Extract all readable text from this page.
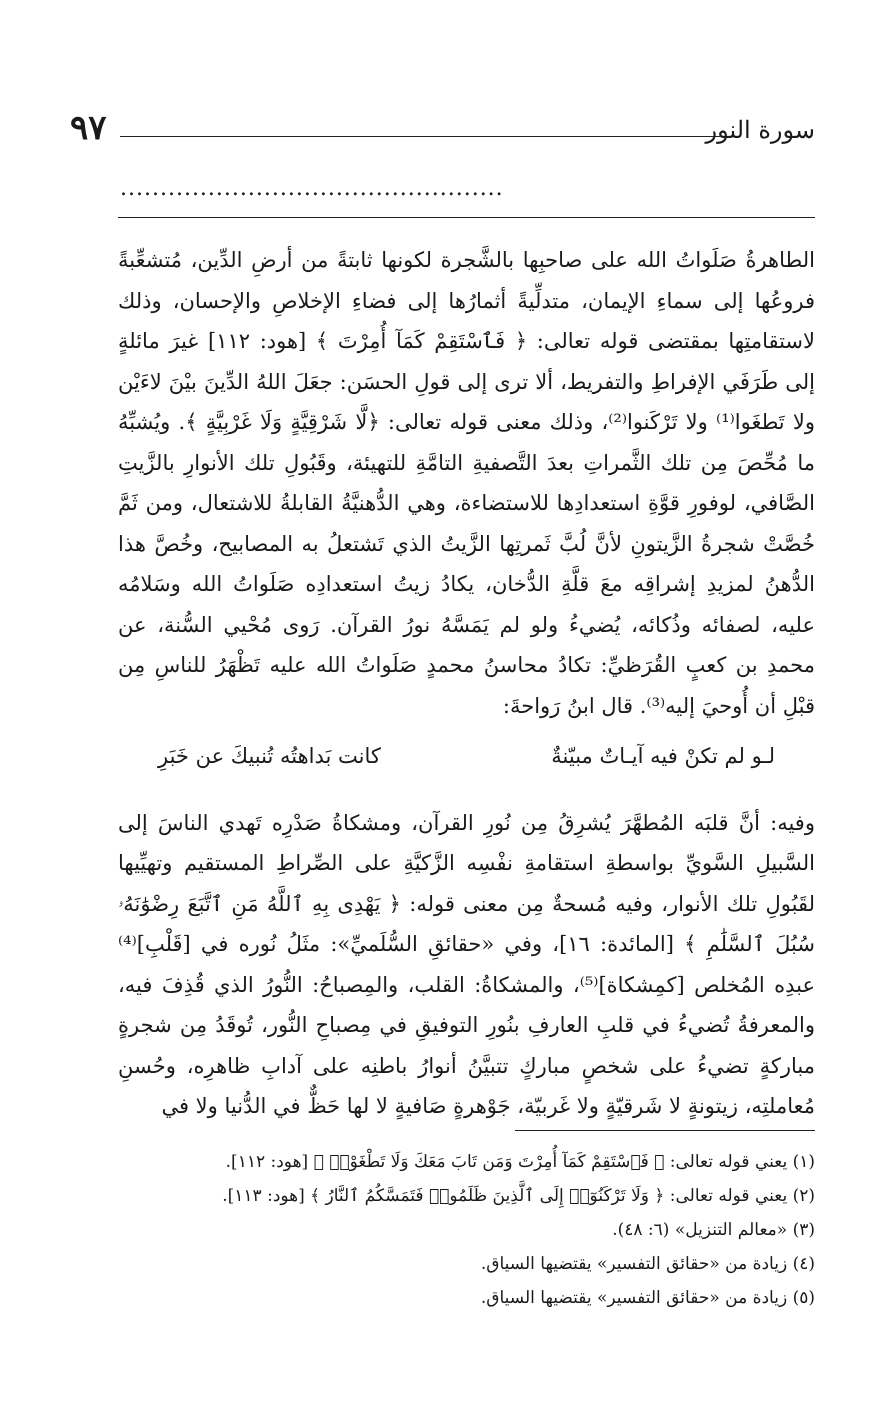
٩٧	سورة النور
................................................

الطاهرةُ صَلَواتُ الله على صاحبِها بالشَّجرة لكونها ثابتةً من أرضِ الدِّين، مُتشعِّبةً فروعُها إلى سماءِ الإيمان، متدلِّيةً أثمارُها إلى فضاءِ الإخلاصِ والإحسان، وذلك لاستقامتِها بمقتضى قوله تعالى: ﴿ فَٱسْتَقِمْ كَمَآ أُمِرْتَ ﴾ [هود: ١١٢] غيرَ مائلةٍ إلى طَرَفَي الإفراطِ والتفريط، ألا ترى إلى قولِ الحسَن: جعَلَ اللهُ الدِّينَ بيْنَ لاءَيْن ولا تَطغَوا⁽¹⁾ ولا تَرْكَنوا⁽²⁾، وذلك معنى قوله تعالى: ﴿لَّا شَرْقِيَّةٍ وَلَا غَرْبِيَّةٍ ﴾. ويُشبِّهُ ما مُحِّصَ مِن تلك الثَّمراتِ بعدَ التَّصفيةِ التامَّةِ للتهيئة، وقَبُولِ تلك الأنوارِ بالزَّيتِ الصَّافي، لوفورِ قوَّةِ استعدادِها للاستضاءة، وهي الدُّهنيَّةُ القابلةُ للاشتعال، ومن ثَمَّ خُصَّتْ شجرةُ الزَّيتونِ لأنَّ لُبَّ ثَمرتِها الزَّيتُ الذي تَشتعلُ به المصابيح، وخُصَّ هذا الدُّهنُ لمزيدِ إشراقِه معَ قلَّةِ الدُّخان، يكادُ زيتُ استعدادِه صَلَواتُ الله وسَلامُه عليه، لصفائه وذُكائه، يُضيءُ ولو لم يَمَسَّهُ نورُ القرآن. رَوى مُحْيي السُّنة، عن محمدِ بن كعبٍ القُرَظيِّ: تكادُ محاسنُ محمدٍ صَلَواتُ الله عليه تَظْهَرُ للناسِ مِن قبْلِ أن أُوحيَ إليه⁽³⁾. قال ابنُ رَواحةَ:

لـو لم تكنْ فيه آيـاتٌ مبيّنةٌ
كانت بَداهتُه تُنبيكَ عن خَبَرِ

وفيه: أنَّ قلبَه المُطهَّرَ يُشرِقُ مِن نُورِ القرآن، ومشكاةُ صَدْرِه تَهدي الناسَ إلى السَّبيلِ السَّويِّ بواسطةِ استقامةِ نفْسِه الزَّكيَّةِ على الصِّراطِ المستقيم وتهيِّيها لقَبُولِ تلك الأنوار، وفيه مُسحةٌ مِن معنى قوله: ﴿ يَهْدِى بِهِ ٱللَّهُ مَنِ ٱتَّبَعَ رِضْوَٰنَهُۥ سُبُلَ ٱلسَّلَٰمِ ﴾ [المائدة: ١٦]، وفي «حقائقِ السُّلَميِّ»: مثَلُ نُوره في [قَلْبِ]⁽⁴⁾ عبدِه المُخلص [كمِشكاة]⁽⁵⁾، والمشكاةُ: القلب، والمِصباحُ: النُّورُ الذي قُذِفَ فيه، والمعرفةُ تُضيءُ في قلبِ العارفِ بنُورِ التوفيقِ في مِصباحِ النُّور، تُوقَدُ مِن شجرةٍ مباركةٍ تضيءُ على شخصٍ مباركٍ تتبيَّنُ أنوارُ باطنِه على آدابِ ظاهرِه، وحُسنِ مُعاملتِه، زيتونةٍ لا شَرقيّةٍ ولا غَربيّة، جَوْهرةٍ صَافيةٍ لا لها حَظٌّ في الدُّنيا ولا في

(١) يعني قوله تعالى: ﴿ فَٱسْتَقِمْ كَمَآ أُمِرْتَ وَمَن تَابَ مَعَكَ وَلَا تَطْغَوْا۟ ﴾ [هود: ١١٢].
(٢) يعني قوله تعالى: ﴿ وَلَا تَرْكَنُوٓا۟ إِلَى ٱلَّذِينَ ظَلَمُوا۟ فَتَمَسَّكُمُ ٱلنَّارُ ﴾ [هود: ١١٣].
(٣) «معالم التنزيل» (٦: ٤٨).
(٤) زيادة من «حقائق التفسير» يقتضيها السياق.
(٥) زيادة من «حقائق التفسير» يقتضيها السياق.
